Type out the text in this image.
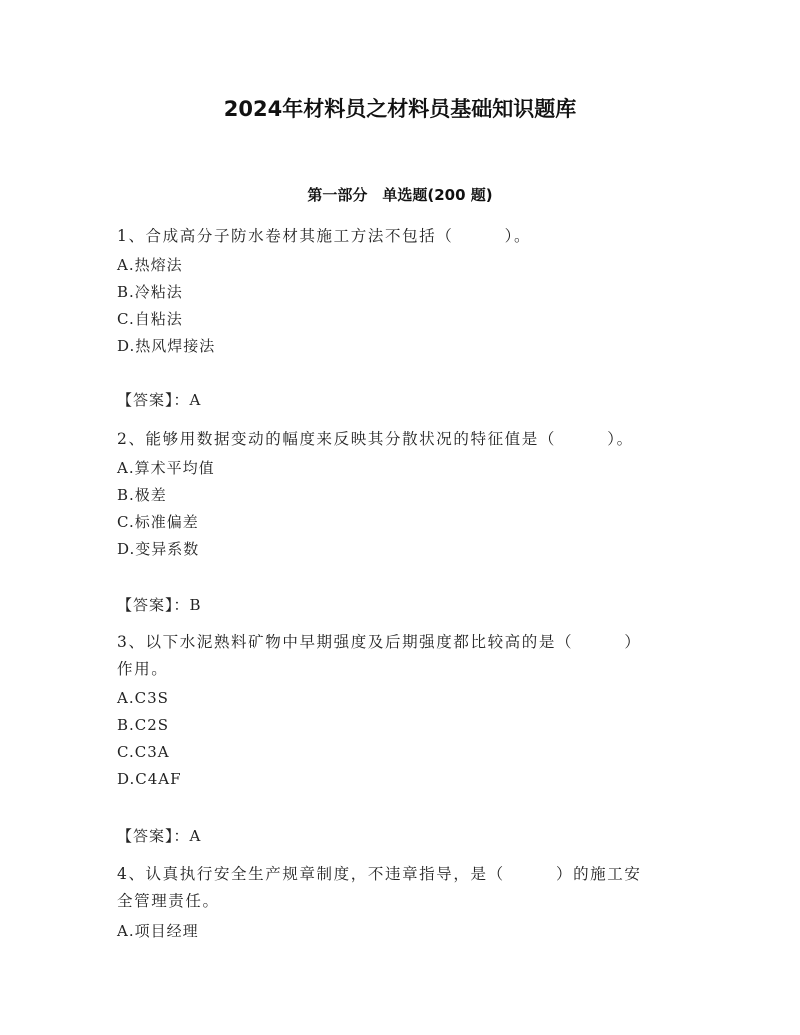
2024年材料员之材料员基础知识题库
第一部分　单选题(200 题)
1、合成高分子防水卷材其施工方法不包括（　　　）。
A.热熔法
B.冷粘法
C.自粘法
D.热风焊接法
【答案】：A
2、能够用数据变动的幅度来反映其分散状况的特征值是（　　　）。
A.算术平均值
B.极差
C.标准偏差
D.变异系数
【答案】：B
3、以下水泥熟料矿物中早期强度及后期强度都比较高的是（　　　）
作用。
A.C3S
B.C2S
C.C3A
D.C4AF
【答案】：A
4、认真执行安全生产规章制度，不违章指导，是（　　　）的施工安
全管理责任。
A.项目经理
